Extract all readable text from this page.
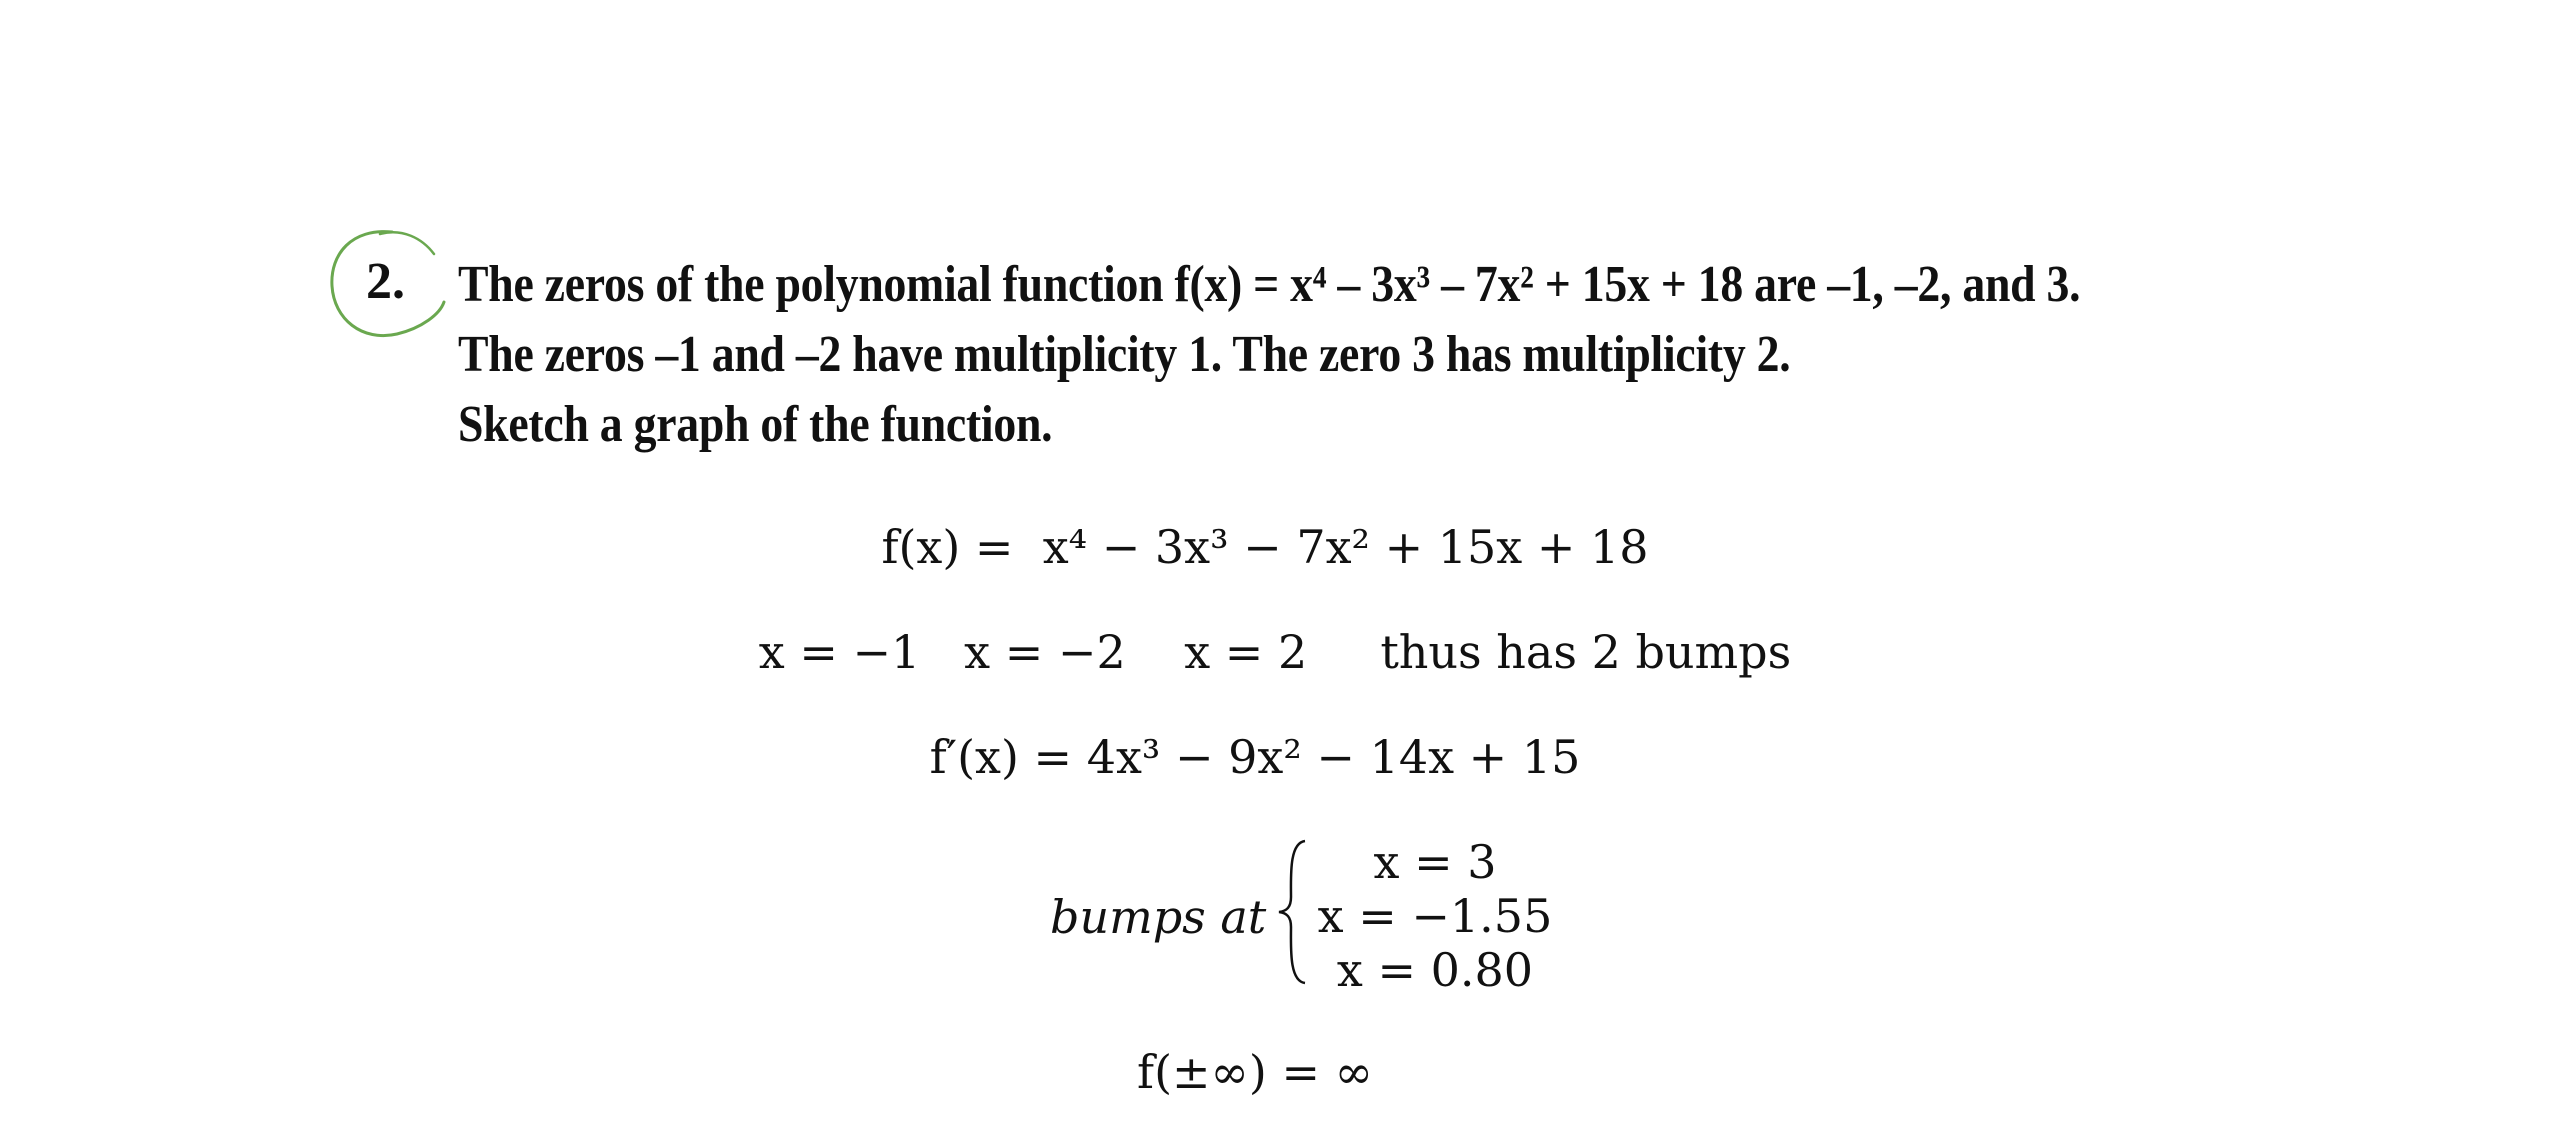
2. The zeros of the polynomial function f(x) = x⁴ – 3x³ – 7x² + 15x + 18 are –1, –2, and 3.
The zeros –1 and –2 have multiplicity 1. The zero 3 has multiplicity 2.
Sketch a graph of the function.
f(x) =  x⁴ − 3x³ − 7x² + 15x + 18
x = −1   x = −2    x = 2     thus has 2 bumps
f′(x) = 4x³ − 9x² − 14x + 15
bumps at
x = 3
x = −1.55
x = 0.80
f(±∞) = ∞
